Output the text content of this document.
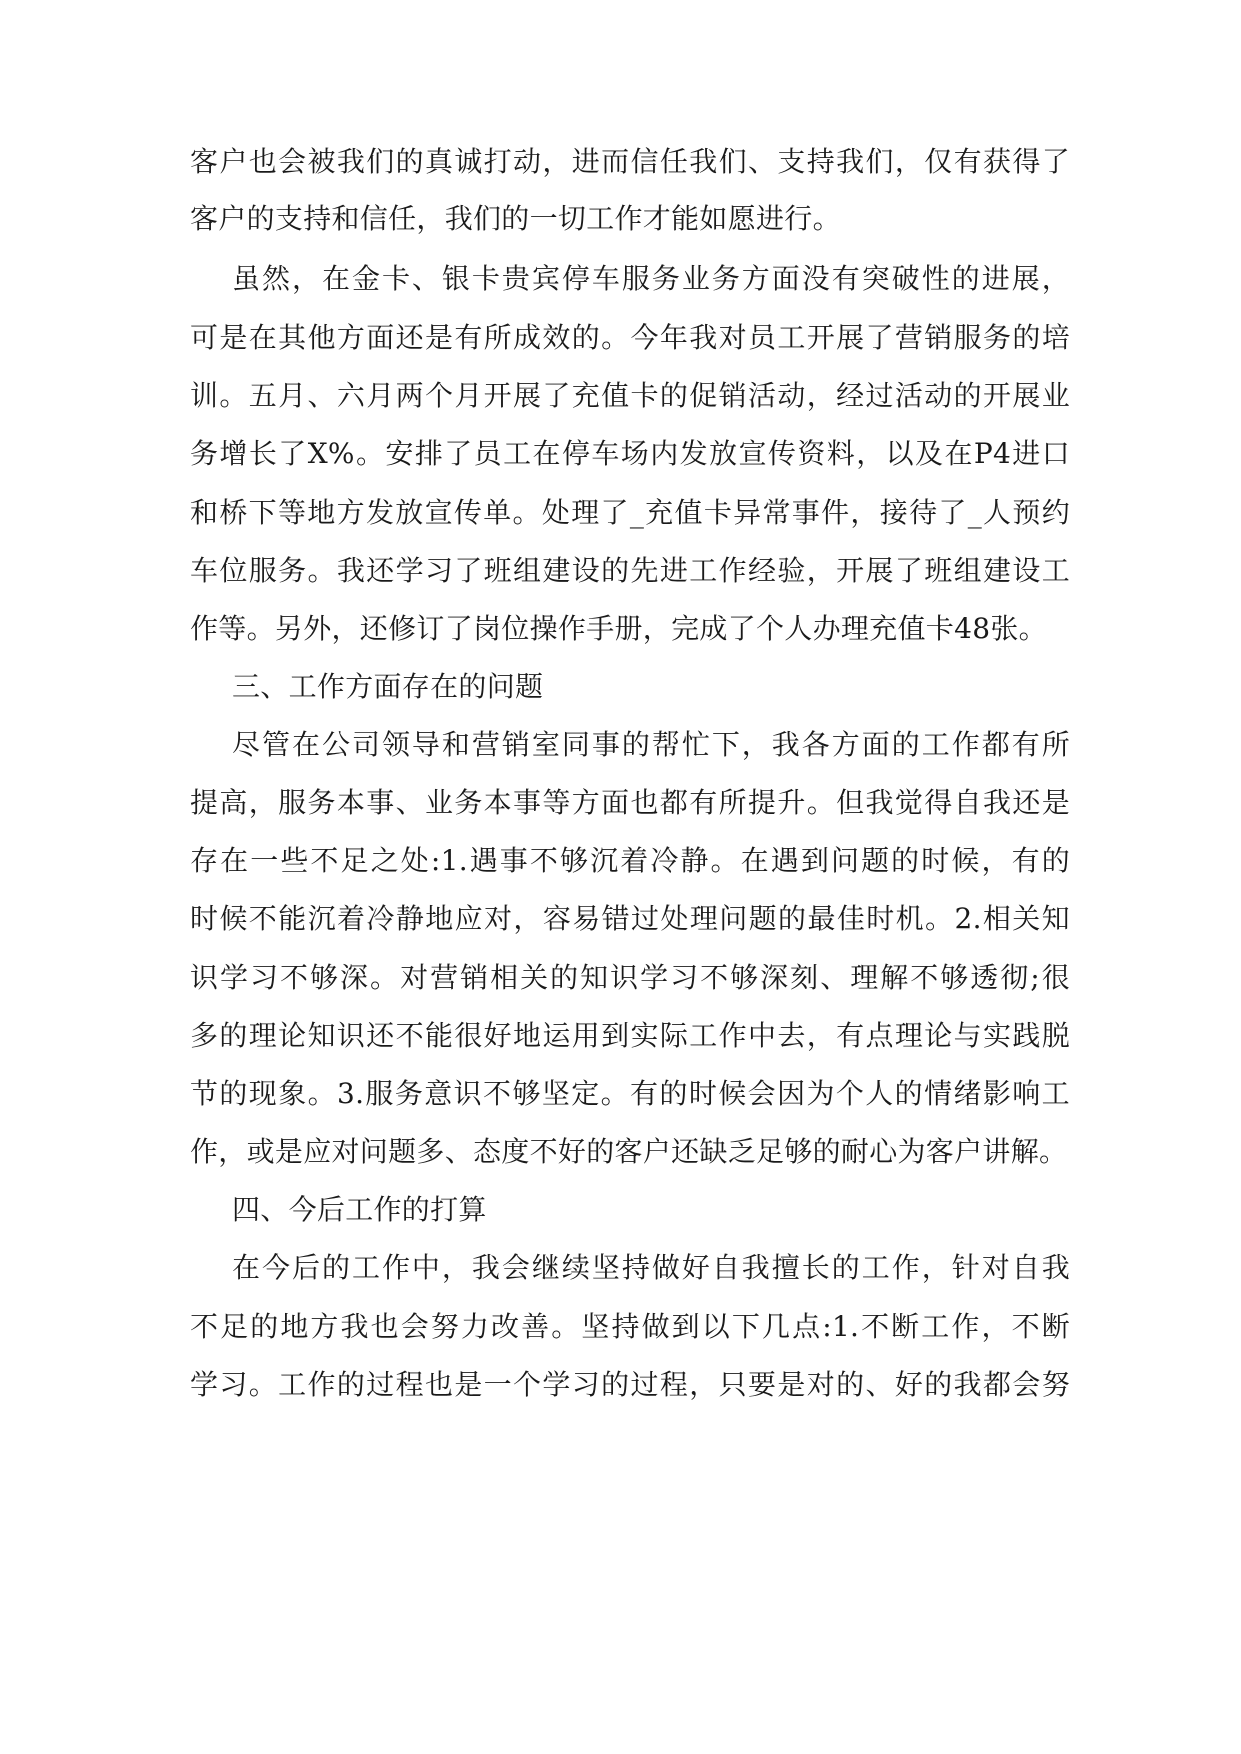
客户也会被我们的真诚打动，进而信任我们、支持我们，仅有获得了
客户的支持和信任，我们的一切工作才能如愿进行。
虽然，在金卡、银卡贵宾停车服务业务方面没有突破性的进展，
可是在其他方面还是有所成效的。今年我对员工开展了营销服务的培
训。五月、六月两个月开展了充值卡的促销活动，经过活动的开展业
务增长了X%。安排了员工在停车场内发放宣传资料，以及在P4进口
和桥下等地方发放宣传单。处理了_充值卡异常事件，接待了_人预约
车位服务。我还学习了班组建设的先进工作经验，开展了班组建设工
作等。另外，还修订了岗位操作手册，完成了个人办理充值卡48张。
三、工作方面存在的问题
尽管在公司领导和营销室同事的帮忙下，我各方面的工作都有所
提高，服务本事、业务本事等方面也都有所提升。但我觉得自我还是
存在一些不足之处:1.遇事不够沉着冷静。在遇到问题的时候，有的
时候不能沉着冷静地应对，容易错过处理问题的最佳时机。2.相关知
识学习不够深。对营销相关的知识学习不够深刻、理解不够透彻;很
多的理论知识还不能很好地运用到实际工作中去，有点理论与实践脱
节的现象。3.服务意识不够坚定。有的时候会因为个人的情绪影响工
作，或是应对问题多、态度不好的客户还缺乏足够的耐心为客户讲解。
四、今后工作的打算
在今后的工作中，我会继续坚持做好自我擅长的工作，针对自我
不足的地方我也会努力改善。坚持做到以下几点:1.不断工作，不断
学习。工作的过程也是一个学习的过程，只要是对的、好的我都会努
